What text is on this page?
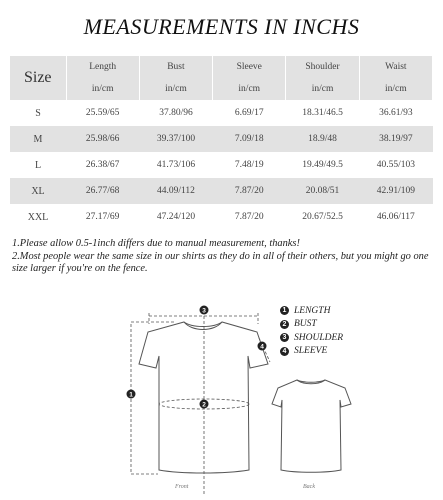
MEASUREMENTS IN INCHS
Size	Length	Bust	Sleeve	Shoulder	Waist
	in/cm	in/cm	in/cm	in/cm	in/cm
S	25.59/65	37.80/96	6.69/17	18.31/46.5	36.61/93
M	25.98/66	39.37/100	7.09/18	18.9/48	38.19/97
L	26.38/67	41.73/106	7.48/19	19.49/49.5	40.55/103
XL	26.77/68	44.09/112	7.87/20	20.08/51	42.91/109
XXL	27.17/69	47.24/120	7.87/20	20.67/52.5	46.06/117

1.Please allow 0.5-1inch differs due to manual measurement, thanks!

2.Most people wear the same size in our shirts as they do in all of their others, but you might go one size larger if you're on the fence.

1
2
3
4
Front	Back
1 LENGTH
2 BUST
3 SHOULDER
4 SLEEVE
